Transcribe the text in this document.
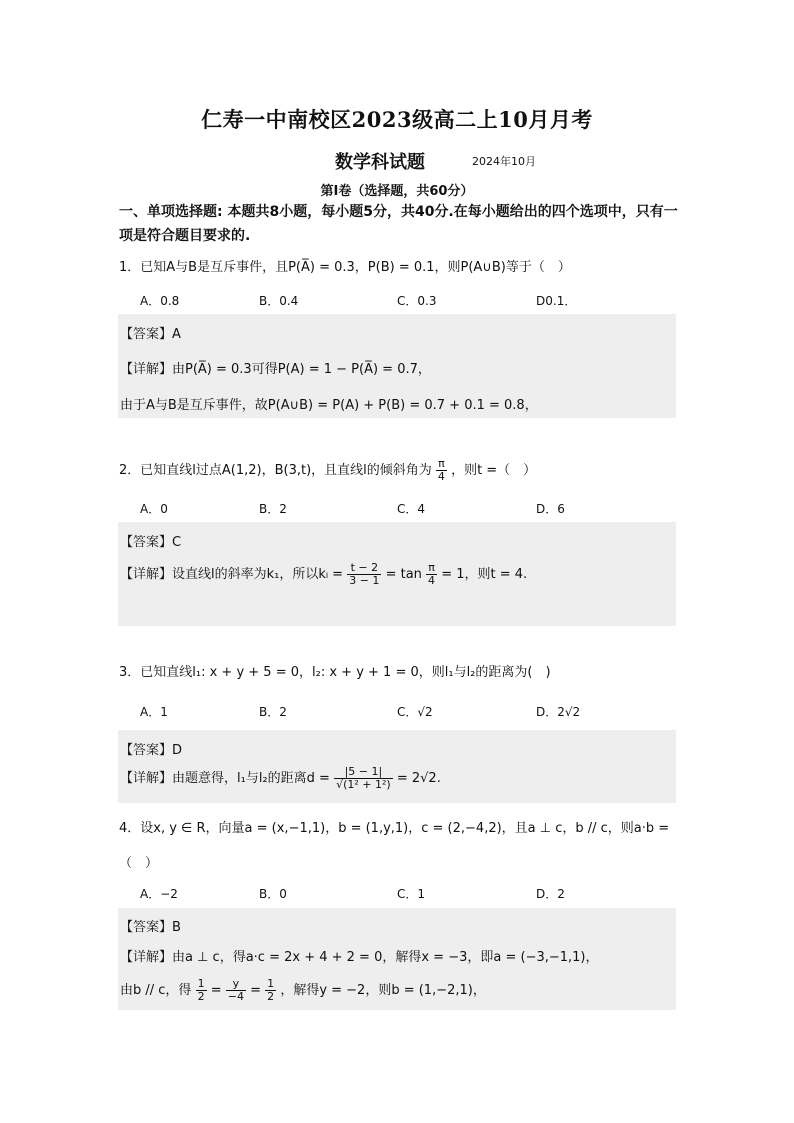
仁寿一中南校区2023级高二上10月月考
数学科试题	2024年10月
第Ⅰ卷（选择题，共60分）
一、单项选择题: 本题共8小题，每小题5分，共40分.在每小题给出的四个选项中，只有一项是符合题目要求的.
1．已知A与B是互斥事件，且P(A̅) = 0.3，P(B) = 0.1，则P(A∪B)等于（　）
A．0.8	B．0.4	C．0.3	D0.1．
【答案】A
【详解】由P(A̅) = 0.3可得P(A) = 1 − P(A̅) = 0.7，
由于A与B是互斥事件，故P(A∪B) = P(A) + P(B) = 0.7 + 0.1 = 0.8，
2．已知直线l过点A(1,2)，B(3,t)，且直线l的倾斜角为 $\frac{\pi}{4}$ ，则t =（　）
A．0	B．2	C．4	D．6
【答案】C
【详解】设直线l的斜率为k₁，所以$k_l = \frac{t - 2}{3 - 1} = \tan \frac{\pi}{4} = 1$，则t = 4.
3．已知直线l₁: x + y + 5 = 0，l₂: x + y + 1 = 0，则l₁与l₂的距离为(　)
A．1	B．2	C．√2	D．2√2
【答案】D
【详解】由题意得，l₁与l₂的距离$d = \frac{|5 - 1|}{\text{√(1² + 1²)}} = 2√2$.
4．设x, y ∈ R，向量a = (x,−1,1)，b = (1,y,1)，c = (2,−4,2)，且a ⊥ c，b // c，则a·b =
（　）
A．−2	B．0	C．1	D．2
【答案】B
【详解】由a ⊥ c，得a·c = 2x + 4 + 2 = 0，解得x = −3，即a = (−3,−1,1)，
由b // c，得 $\frac{1}{2} = \frac{y}{-4} = \frac{1}{2}$ ，解得y = −2，则b = (1,−2,1)，
